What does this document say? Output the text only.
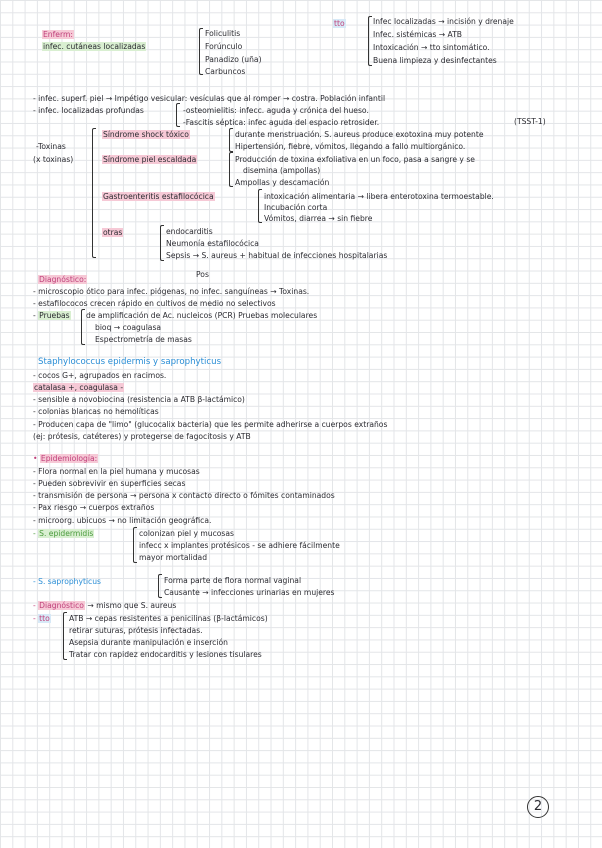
Enferm:
infec. cutáneas localizadas
Foliculitis
Forúnculo
Panadizo (uña)
Carbuncos
tto	Infec localizadas → incisión y drenaje
Infec. sistémicas → ATB
Intoxicación → tto sintomático.
Buena limpieza y desinfectantes
- infec. superf. piel → Impétigo vesicular: vesículas que al romper → costra. Población infantil
- infec. localizadas profundas	-osteomielitis: infecc. aguda y crónica del hueso.
-Fascitis séptica: infec aguda del espacio retrosider.
-Toxinas
(x toxinas)
(TSST-1)
Síndrome shock tóxico	durante menstruación. S. aureus produce exotoxina muy potente
Hipertensión, fiebre, vómitos, llegando a fallo multiorgánico.
Síndrome piel escaldada	Producción de toxina exfoliativa en un foco, pasa a sangre y se
disemina (ampollas)
Ampollas y descamación
Gastroenteritis estafilocócica	intoxicación alimentaria → libera enterotoxina termoestable.
Incubación corta
Vómitos, diarrea → sin fiebre
otras	endocarditis
Neumonía estafilocócica
Sepsis → S. aureus + habitual de infecciones hospitalarias
Diagnóstico:
Pos
- microscopio ótico para infec. piógenas, no infec. sanguíneas → Toxinas.
- estafilococos crecen rápido en cultivos de medio no selectivos
- Pruebas de amplificación de Ac. nucleicos (PCR) Pruebas moleculares
bioq → coagulasa
Espectrometría de masas
Staphylococcus epidermis y saprophyticus
- cocos G+, agrupados en racimos.
catalasa +, coagulasa -
- sensible a novobiocina (resistencia a ATB β-lactámico)
- colonias blancas no hemolíticas
- Producen capa de "limo" (glucocalix bacteria) que les permite adherirse a cuerpos extraños
(ej: prótesis, catéteres) y protegerse de fagocitosis y ATB
• Epidemiología:
- Flora normal en la piel humana y mucosas
- Pueden sobrevivir en superficies secas
- transmisión de persona → persona x contacto directo o fómites contaminados
- Pax riesgo → cuerpos extraños
- microorg. ubicuos → no limitación geográfica.
- S. epidermidis	colonizan piel y mucosas
infecc x implantes protésicos - se adhiere fácilmente
mayor mortalidad
- S. saprophyticus	Forma parte de flora normal vaginal
Causante → infecciones urinarias en mujeres
- Diagnóstico → mismo que S. aureus
- tto	ATB → cepas resistentes a penicilinas (β-lactámicos)
retirar suturas, prótesis infectadas.
Asepsia durante manipulación e inserción
Tratar con rapidez endocarditis y lesiones tisulares
2
